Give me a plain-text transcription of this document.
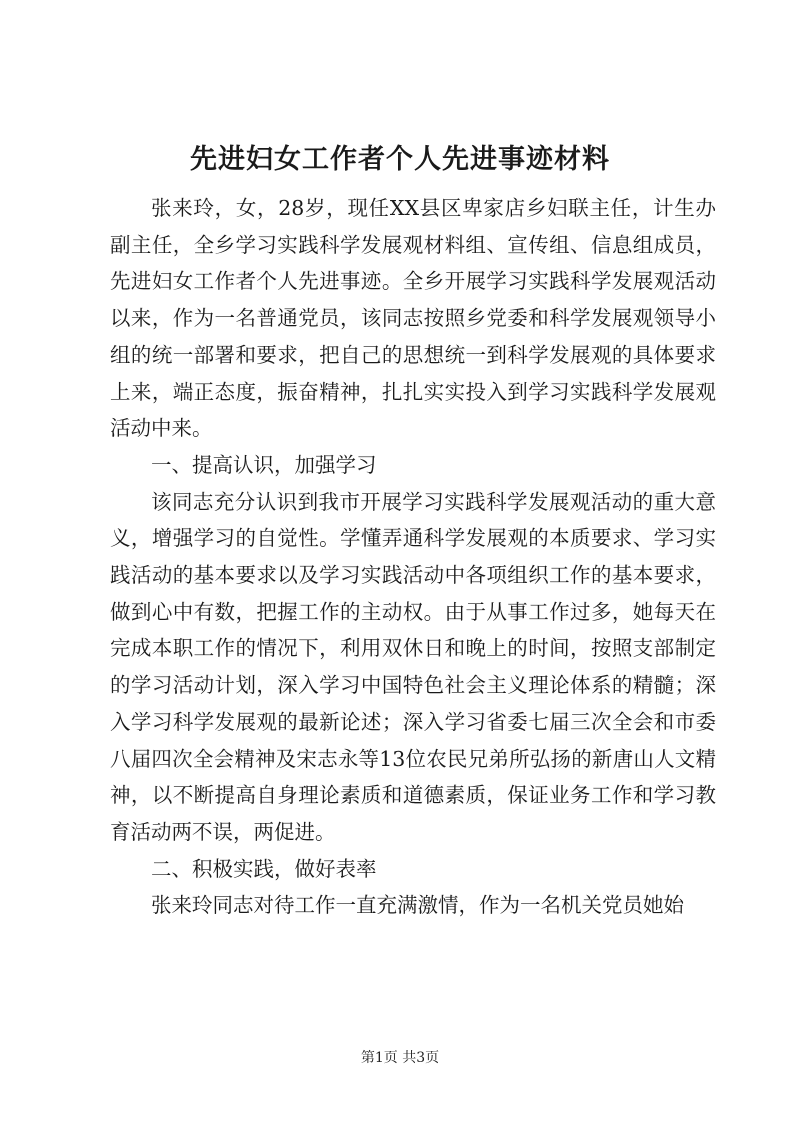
先进妇女工作者个人先进事迹材料

张来玲，女，28岁，现任XX县区卑家店乡妇联主任，计生办副主任，全乡学习实践科学发展观材料组、宣传组、信息组成员，先进妇女工作者个人先进事迹。全乡开展学习实践科学发展观活动以来，作为一名普通党员，该同志按照乡党委和科学发展观领导小组的统一部署和要求，把自己的思想统一到科学发展观的具体要求上来，端正态度，振奋精神，扎扎实实投入到学习实践科学发展观活动中来。

一、提高认识，加强学习

该同志充分认识到我市开展学习实践科学发展观活动的重大意义，增强学习的自觉性。学懂弄通科学发展观的本质要求、学习实践活动的基本要求以及学习实践活动中各项组织工作的基本要求，做到心中有数，把握工作的主动权。由于从事工作过多，她每天在完成本职工作的情况下，利用双休日和晚上的时间，按照支部制定的学习活动计划，深入学习中国特色社会主义理论体系的精髓；深入学习科学发展观的最新论述；深入学习省委七届三次全会和市委八届四次全会精神及宋志永等13位农民兄弟所弘扬的新唐山人文精神，以不断提高自身理论素质和道德素质，保证业务工作和学习教育活动两不误，两促进。

二、积极实践，做好表率

张来玲同志对待工作一直充满激情，作为一名机关党员她始

第1页 共3页
